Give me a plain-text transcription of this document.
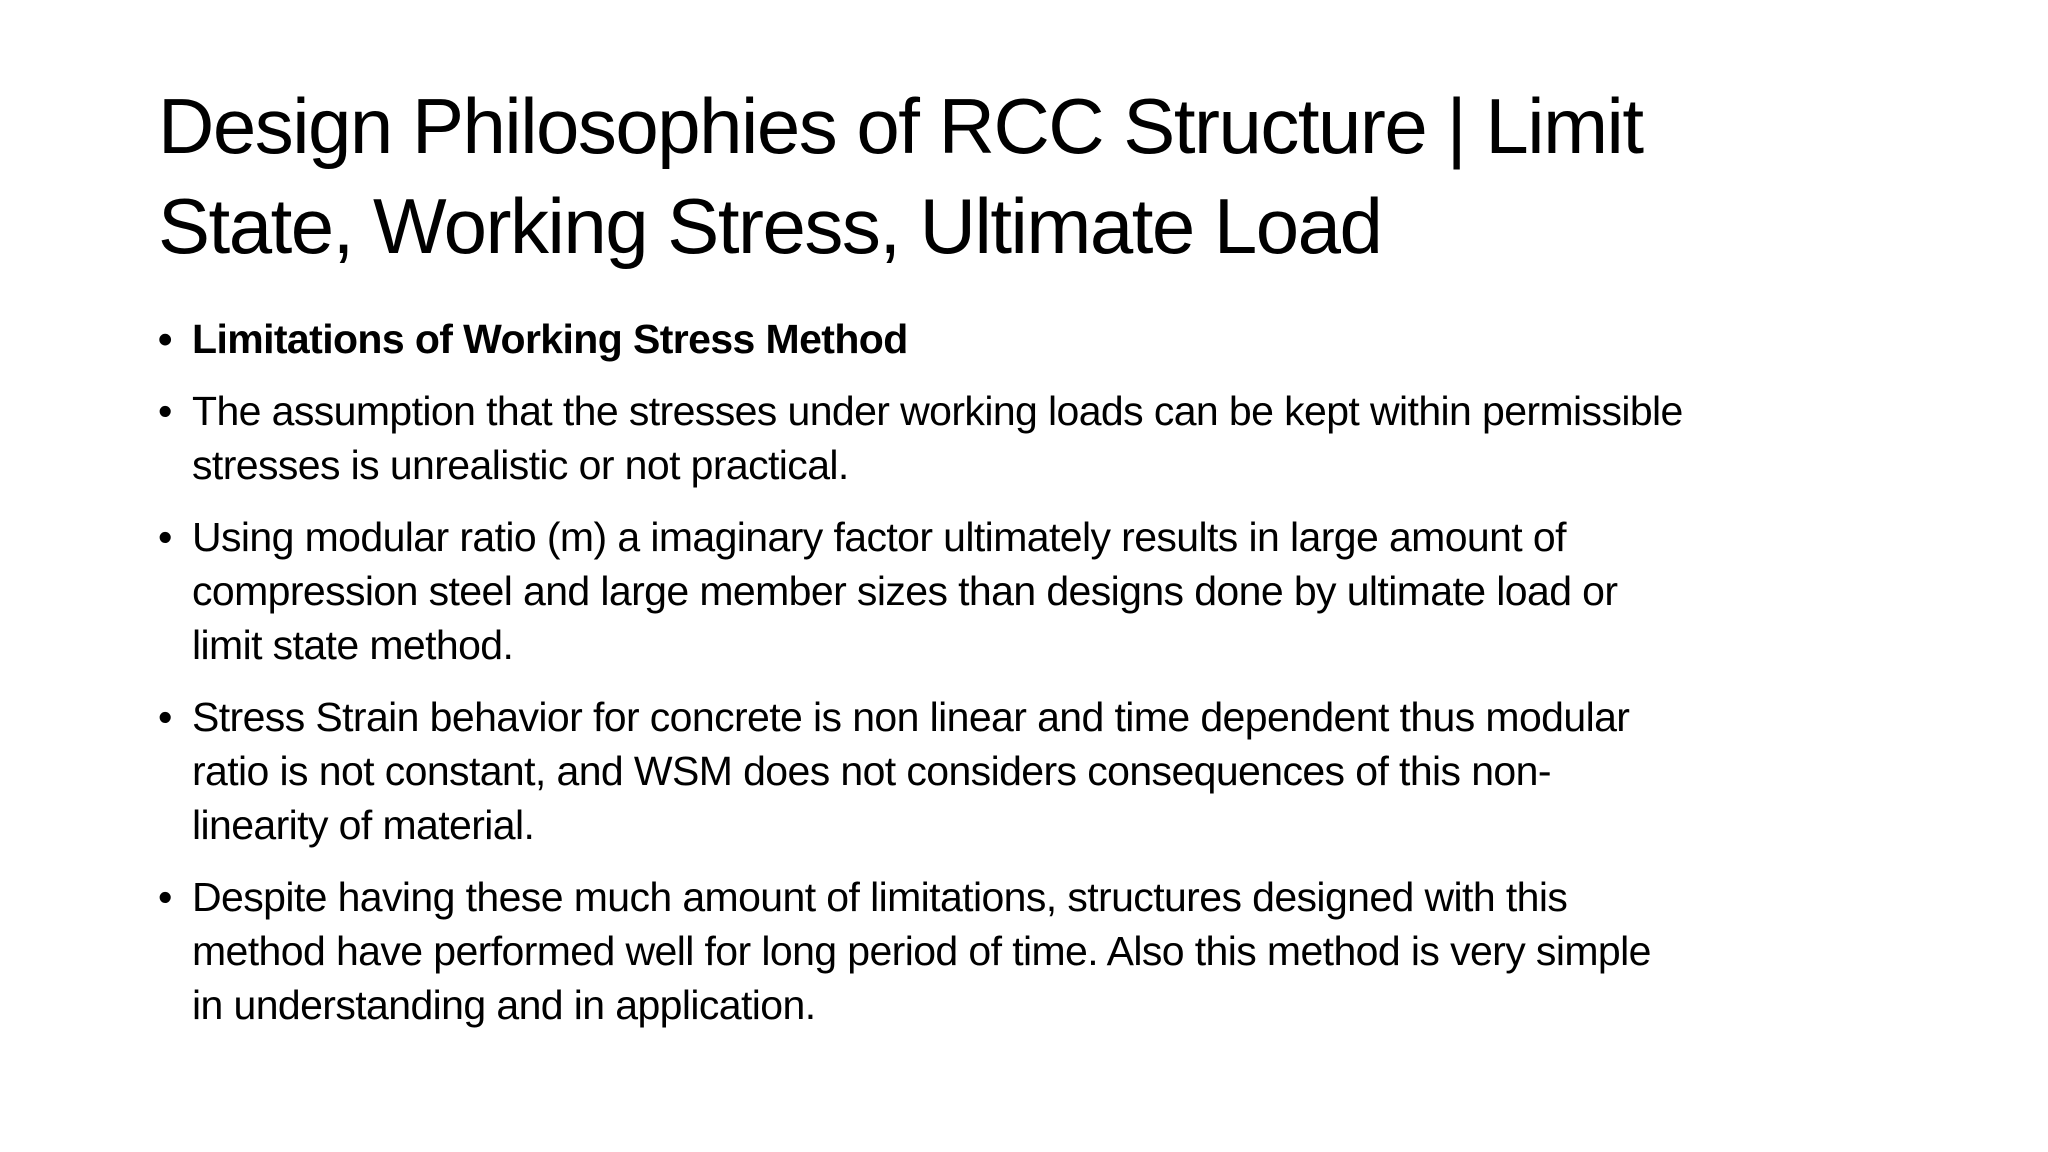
Design Philosophies of RCC Structure | Limit
State, Working Stress, Ultimate Load
• Limitations of Working Stress Method
• The assumption that the stresses under working loads can be kept within permissible
stresses is unrealistic or not practical.
• Using modular ratio (m) a imaginary factor ultimately results in large amount of
compression steel and large member sizes than designs done by ultimate load or
limit state method.
• Stress Strain behavior for concrete is non linear and time dependent thus modular
ratio is not constant, and WSM does not considers consequences of this non-
linearity of material.
• Despite having these much amount of limitations, structures designed with this
method have performed well for long period of time. Also this method is very simple
in understanding and in application.
